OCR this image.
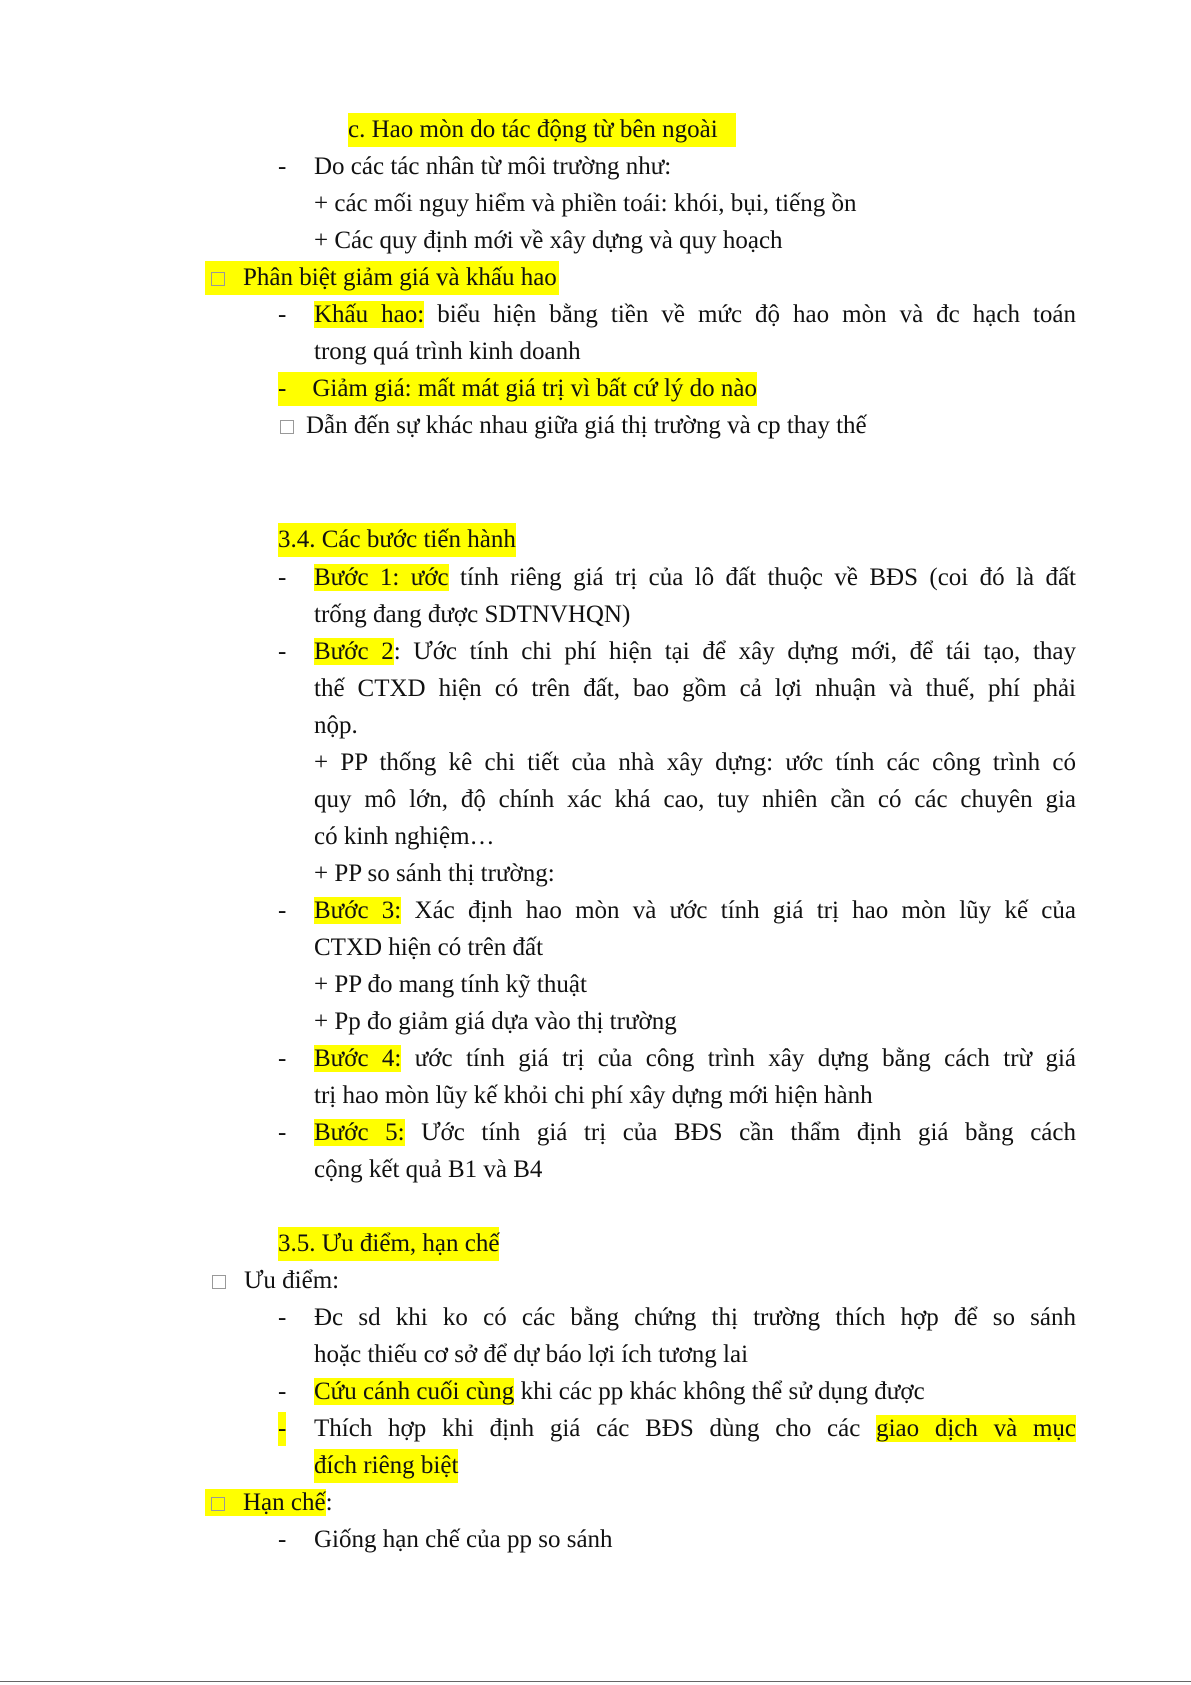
c. Hao mòn do tác động từ bên ngoài
- Do các tác nhân từ môi trường như:
+ các mối nguy hiểm và phiền toái: khói, bụi, tiếng ồn
+ Các quy định mới về xây dựng và quy hoạch
Phân biệt giảm giá và khấu hao
- Khấu hao: biểu hiện bằng tiền về mức độ hao mòn và đc hạch toán
trong quá trình kinh doanh
- Giảm giá: mất mát giá trị vì bất cứ lý do nào
Dẫn đến sự khác nhau giữa giá thị trường và cp thay thế
3.4. Các bước tiến hành
- Bước 1: ước tính riêng giá trị của lô đất thuộc về BĐS (coi đó là đất
trống đang được SDTNVHQN)
- Bước 2: Ước tính chi phí hiện tại để xây dựng mới, để tái tạo, thay
thế CTXD hiện có trên đất, bao gồm cả lợi nhuận và thuế, phí phải
nộp.
+ PP thống kê chi tiết của nhà xây dựng: ước tính các công trình có
quy mô lớn, độ chính xác khá cao, tuy nhiên cần có các chuyên gia
có kinh nghiệm…
+ PP so sánh thị trường:
- Bước 3: Xác định hao mòn và ước tính giá trị hao mòn lũy kế của
CTXD hiện có trên đất
+ PP đo mang tính kỹ thuật
+ Pp đo giảm giá dựa vào thị trường
- Bước 4: ước tính giá trị của công trình xây dựng bằng cách trừ giá
trị hao mòn lũy kế khỏi chi phí xây dựng mới hiện hành
- Bước 5: Ước tính giá trị của BĐS cần thẩm định giá bằng cách
cộng kết quả B1 và B4
3.5. Ưu điểm, hạn chế
Ưu điểm:
- Đc sd khi ko có các bằng chứng thị trường thích hợp để so sánh
hoặc thiếu cơ sở để dự báo lợi ích tương lai
- Cứu cánh cuối cùng khi các pp khác không thể sử dụng được
- Thích hợp khi định giá các BĐS dùng cho các giao dịch và mục
đích riêng biệt
Hạn chế:
- Giống hạn chế của pp so sánh
